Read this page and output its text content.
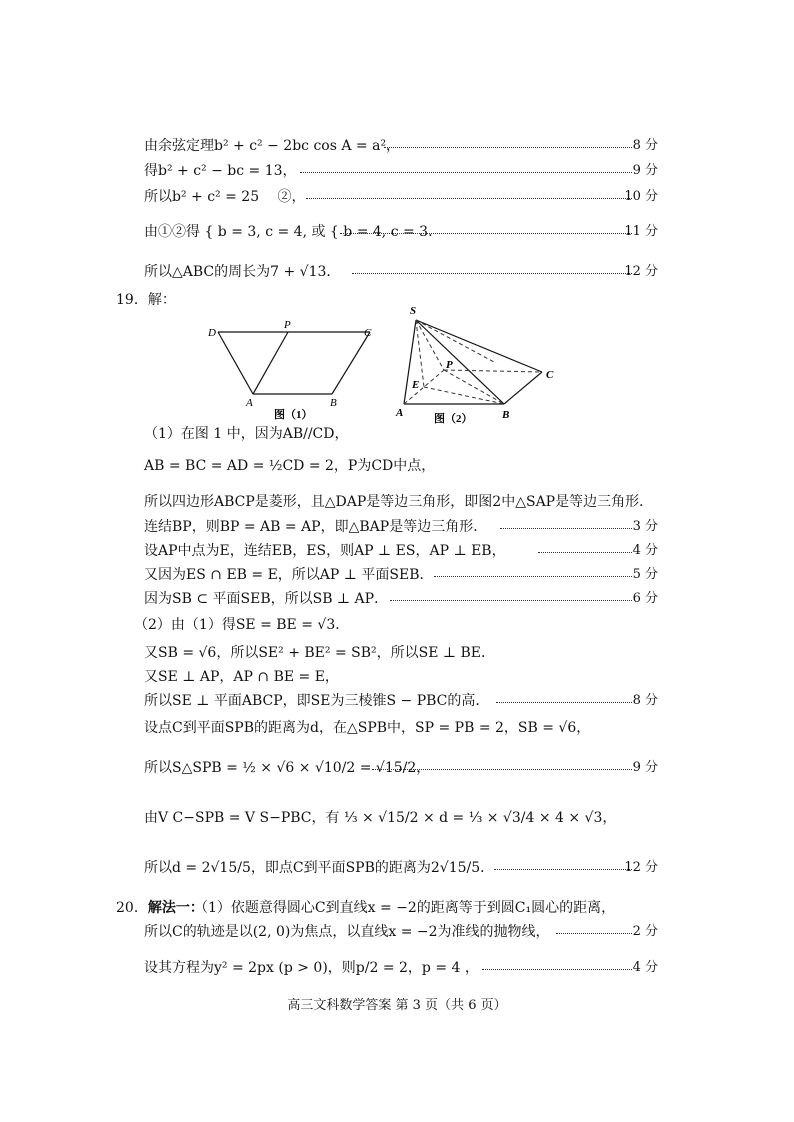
由余弦定理b² + c² − 2bc cos A = a²，	8 分
得b² + c² − bc = 13，	9 分
所以b² + c² = 25　 ②，	10 分
由①②得 { b = 3, c = 4, 或 { b = 4, c = 3.	11 分
所以△ABC的周长为7 + √13．	12 分
19．解：
D
P
C
A	B
图（1）
S
P
E
C
A	B
图（2）
（1）在图 1 中，因为AB//CD，
AB = BC = AD = ½CD = 2，P为CD中点，
所以四边形ABCP是菱形，且△DAP是等边三角形，即图2中△SAP是等边三角形．
连结BP，则BP = AB = AP，即△BAP是等边三角形．	3 分
设AP中点为E，连结EB，ES，则AP ⊥ ES，AP ⊥ EB，	4 分
又因为ES ∩ EB = E，所以AP ⊥ 平面SEB．	5 分
因为SB ⊂ 平面SEB，所以SB ⊥ AP．	6 分
（2）由（1）得SE = BE = √3．
又SB = √6，所以SE² + BE² = SB²，所以SE ⊥ BE．
又SE ⊥ AP，AP ∩ BE = E，
所以SE ⊥ 平面ABCP，即SE为三棱锥S − PBC的高．	8 分
设点C到平面SPB的距离为d，在△SPB中，SP = PB = 2，SB = √6，
所以S△SPB = ½ × √6 × √10/2 = √15/2，	9 分
由V C−SPB = V S−PBC，有 ⅓ × √15/2 × d = ⅓ × √3/4 × 4 × √3，
所以d = 2√15/5，即点C到平面SPB的距离为2√15/5．	12 分
20．解法一：
（1）依题意得圆心C到直线x = −2的距离等于到圆C₁圆心的距离，
所以C的轨迹是以(2, 0)为焦点，以直线x = −2为准线的抛物线，	2 分
设其方程为y² = 2px (p > 0)，则p/2 = 2，p = 4 ，	4 分
高三文科数学答案 第 3 页（共 6 页）
